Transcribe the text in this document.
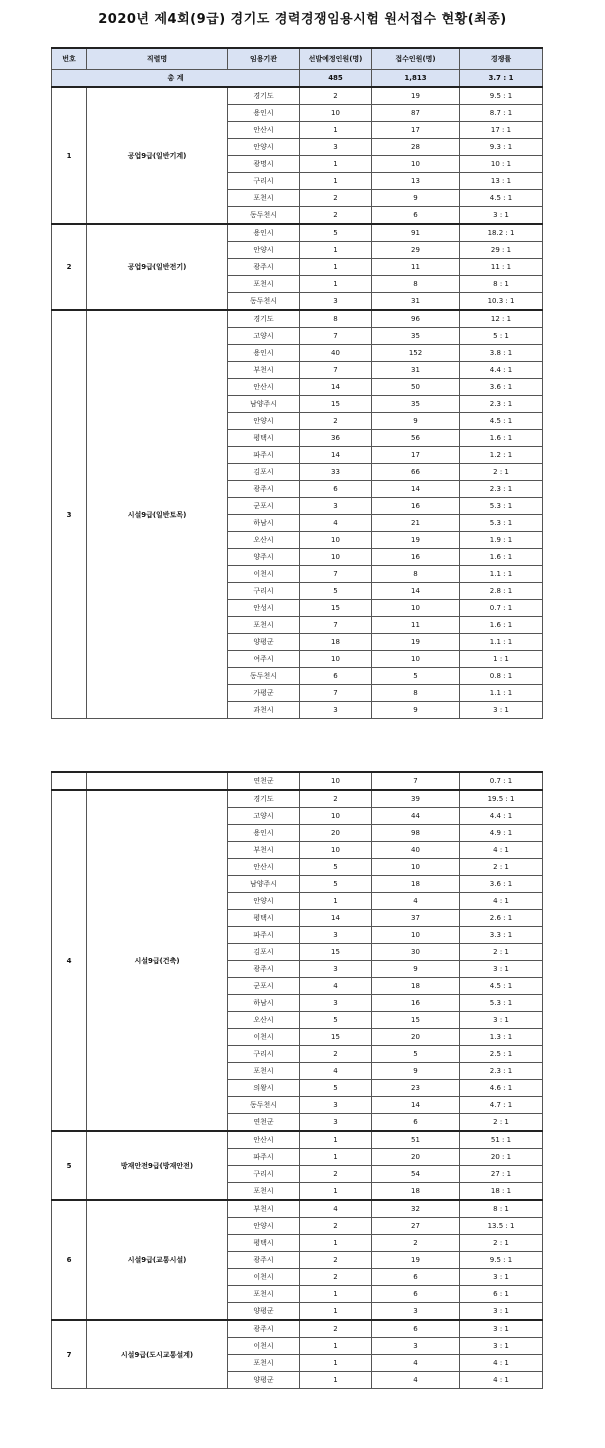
2020년 제4회(9급) 경기도 경력경쟁임용시험 원서접수 현황(최종)
번호	직렬명	임용기관	선발예정인원(명)	접수인원(명)	경쟁률
총 계			485	1,813	3.7 : 1
1	공업9급(일반기계)	경기도	2	19	9.5 : 1
		용인시	10	87	8.7 : 1
		안산시	1	17	17 : 1
		안양시	3	28	9.3 : 1
		광명시	1	10	10 : 1
		구리시	1	13	13 : 1
		포천시	2	9	4.5 : 1
		동두천시	2	6	3 : 1
2	공업9급(일반전기)	용인시	5	91	18.2 : 1
		안양시	1	29	29 : 1
		광주시	1	11	11 : 1
		포천시	1	8	8 : 1
		동두천시	3	31	10.3 : 1
3	시설9급(일반토목)	경기도	8	96	12 : 1
		고양시	7	35	5 : 1
		용인시	40	152	3.8 : 1
		부천시	7	31	4.4 : 1
		안산시	14	50	3.6 : 1
		남양주시	15	35	2.3 : 1
		안양시	2	9	4.5 : 1
		평택시	36	56	1.6 : 1
		파주시	14	17	1.2 : 1
		김포시	33	66	2 : 1
		광주시	6	14	2.3 : 1
		군포시	3	16	5.3 : 1
		하남시	4	21	5.3 : 1
		오산시	10	19	1.9 : 1
		양주시	10	16	1.6 : 1
		이천시	7	8	1.1 : 1
		구리시	5	14	2.8 : 1
		안성시	15	10	0.7 : 1
		포천시	7	11	1.6 : 1
		양평군	18	19	1.1 : 1
		여주시	10	10	1 : 1
		동두천시	6	5	0.8 : 1
		가평군	7	8	1.1 : 1
		과천시	3	9	3 : 1
		연천군	10	7	0.7 : 1
4	시설9급(건축)	경기도	2	39	19.5 : 1
		고양시	10	44	4.4 : 1
		용인시	20	98	4.9 : 1
		부천시	10	40	4 : 1
		안산시	5	10	2 : 1
		남양주시	5	18	3.6 : 1
		안양시	1	4	4 : 1
		평택시	14	37	2.6 : 1
		파주시	3	10	3.3 : 1
		김포시	15	30	2 : 1
		광주시	3	9	3 : 1
		군포시	4	18	4.5 : 1
		하남시	3	16	5.3 : 1
		오산시	5	15	3 : 1
		이천시	15	20	1.3 : 1
		구리시	2	5	2.5 : 1
		포천시	4	9	2.3 : 1
		의왕시	5	23	4.6 : 1
		동두천시	3	14	4.7 : 1
		연천군	3	6	2 : 1
5	방재안전9급(방재안전)	안산시	1	51	51 : 1
		파주시	1	20	20 : 1
		구리시	2	54	27 : 1
		포천시	1	18	18 : 1
6	시설9급(교통시설)	부천시	4	32	8 : 1
		안양시	2	27	13.5 : 1
		평택시	1	2	2 : 1
		광주시	2	19	9.5 : 1
		이천시	2	6	3 : 1
		포천시	1	6	6 : 1
		양평군	1	3	3 : 1
7	시설9급(도시교통설계)	광주시	2	6	3 : 1
		이천시	1	3	3 : 1
		포천시	1	4	4 : 1
		양평군	1	4	4 : 1
